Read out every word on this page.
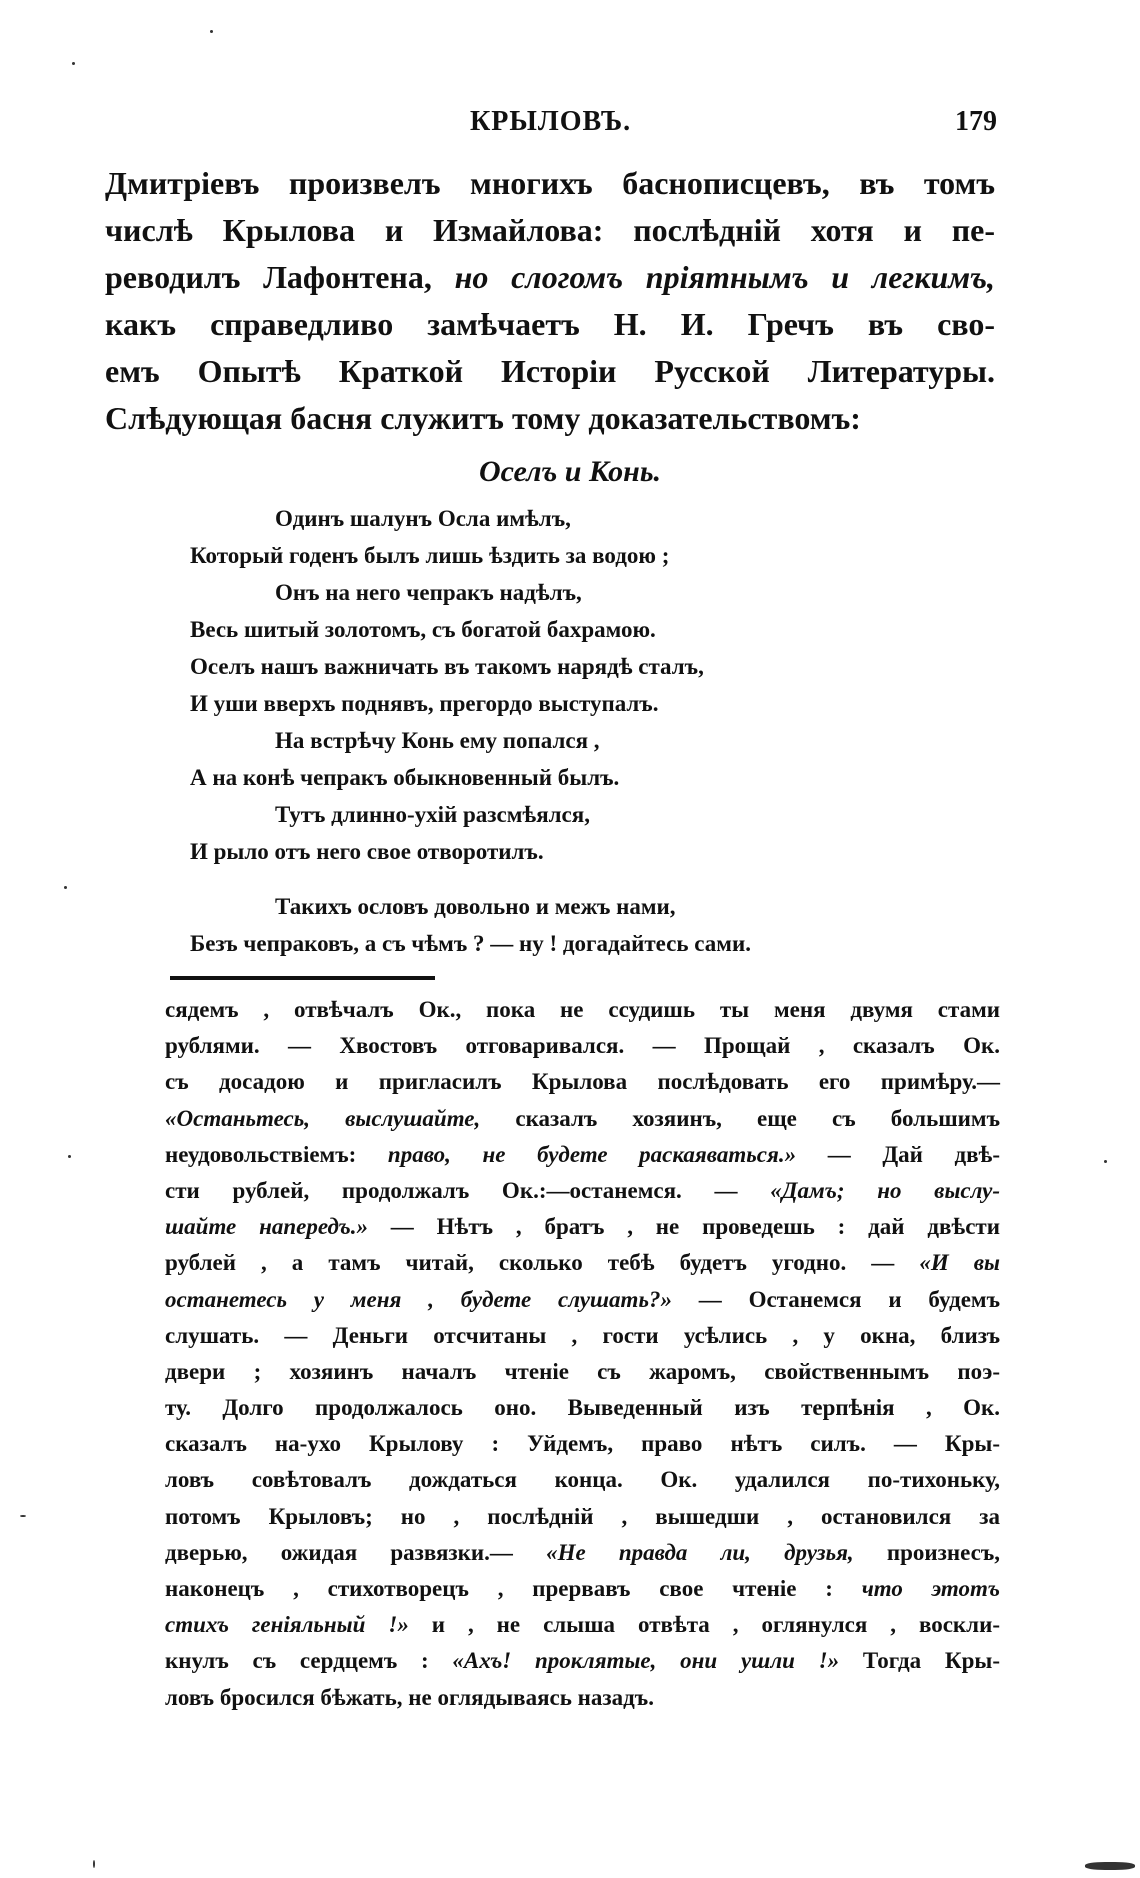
КРЫЛОВЪ.	179
Дмитріевъ произвелъ многихъ баснописцевъ, въ томъ
числѣ Крылова и Измайлова: послѣдній хотя и пе-
реводилъ Лафонтена, но слогомъ пріятнымъ и легкимъ,
какъ справедливо замѣчаетъ Н. И. Гречъ въ сво-
емъ Опытѣ Краткой Исторіи Русской Литературы.
Слѣдующая басня служитъ тому доказательствомъ:
Оселъ и Конь.
Одинъ шалунъ Осла имѣлъ,
Который годенъ былъ лишь ѣздить за водою ;
Онъ на него чепракъ надѣлъ,
Весь шитый золотомъ, съ богатой бахрамою.
Оселъ нашъ важничать въ такомъ нарядѣ сталъ,
И уши вверхъ поднявъ, прегордо выступалъ.
На встрѣчу Конь ему попался ,
А на конѣ чепракъ обыкновенный былъ.
Тутъ длинно-ухій разсмѣялся,
И рыло отъ него свое отворотилъ.
Такихъ ословъ довольно и межъ нами,
Безъ чепраковъ, а съ чѣмъ ? — ну ! догадайтесь сами.
сядемъ , отвѣчалъ Ок., пока не ссудишь ты меня двумя стами
рублями. — Хвостовъ отговаривался. — Прощай , сказалъ Ок.
съ досадою и пригласилъ Крылова послѣдовать его примѣру.—
«Останьтесь, выслушайте, сказалъ хозяинъ, еще съ большимъ
неудовольствіемъ: право, не будете раскаяваться.» — Дай двѣ-
сти рублей, продолжалъ Ок.:—останемся. — «Дамъ; но выслу-
шайте напередъ.» — Нѣтъ , братъ , не проведешь : дай двѣсти
рублей , а тамъ читай, сколько тебѣ будетъ угодно. — «И вы
останетесь у меня , будете слушать?» — Останемся и будемъ
слушать. — Деньги отсчитаны , гости усѣлись , у окна, близъ
двери ; хозяинъ началъ чтеніе съ жаромъ, свойственнымъ поэ-
ту. Долго продолжалось оно. Выведенный изъ терпѣнія , Ок.
сказалъ на-ухо Крылову : Уйдемъ, право нѣтъ силъ. — Кры-
ловъ совѣтовалъ дождаться конца. Ок. удалился по-тихоньку,
потомъ Крыловъ; но , послѣдній , вышедши , остановился за
дверью, ожидая развязки.— «Не правда ли, друзья, произнесъ,
наконецъ , стихотворецъ , прервавъ свое чтеніе : что этотъ
стихъ геніяльный !» и , не слыша отвѣта , оглянулся , воскли-
кнулъ съ сердцемъ : «Ахъ! проклятые, они ушли !» Тогда Кры-
ловъ бросился бѣжать, не оглядываясь назадъ.
